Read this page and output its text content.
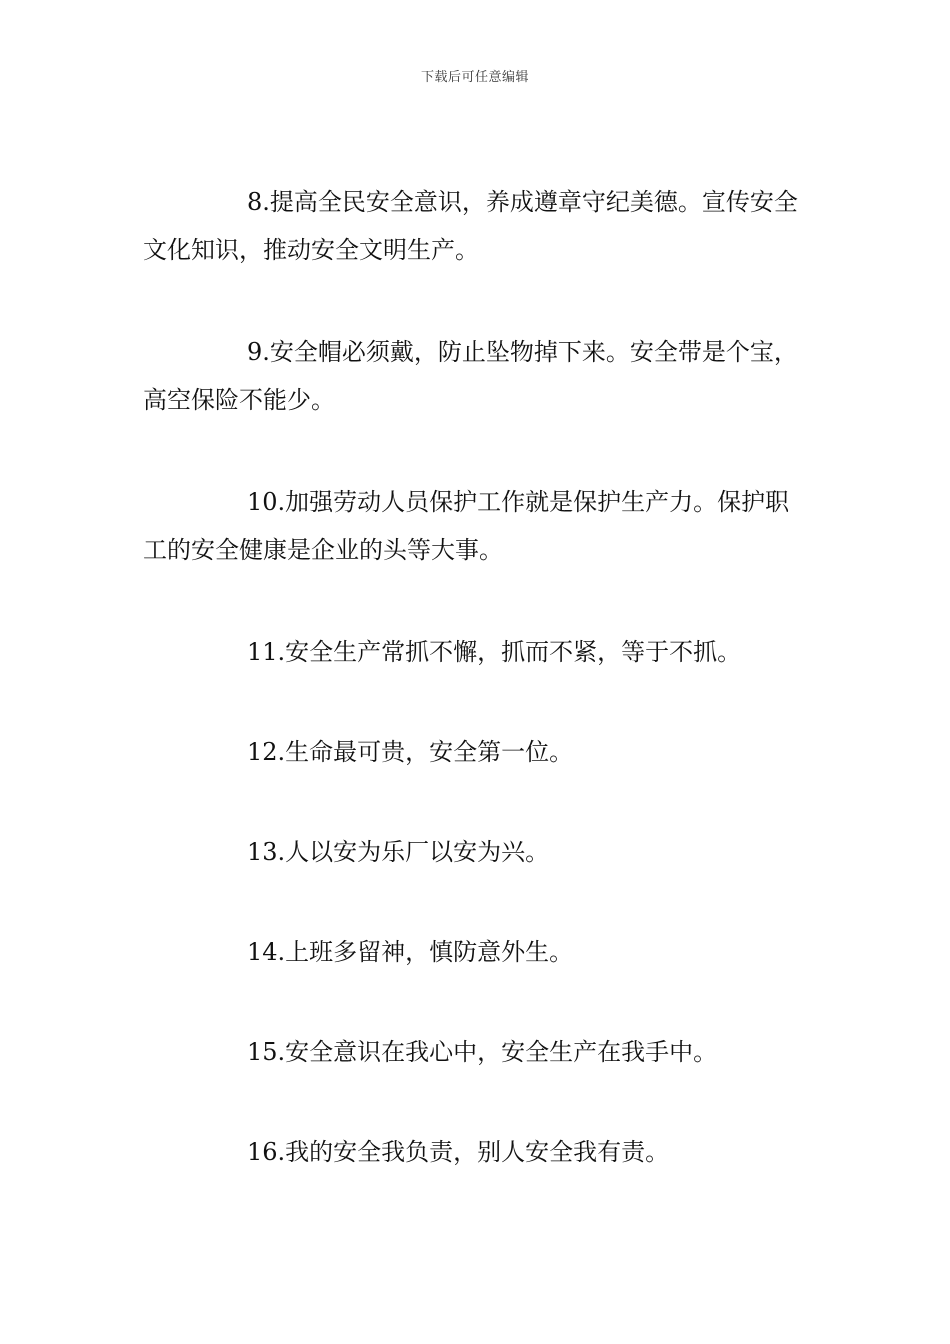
下载后可任意编辑

8.提高全民安全意识，养成遵章守纪美德。宣传安全文化知识，推动安全文明生产。

9.安全帽必须戴，防止坠物掉下来。安全带是个宝，高空保险不能少。

10.加强劳动人员保护工作就是保护生产力。保护职工的安全健康是企业的头等大事。

11.安全生产常抓不懈，抓而不紧，等于不抓。

12.生命最可贵，安全第一位。

13.人以安为乐厂以安为兴。

14.上班多留神，慎防意外生。

15.安全意识在我心中，安全生产在我手中。

16.我的安全我负责，别人安全我有责。
